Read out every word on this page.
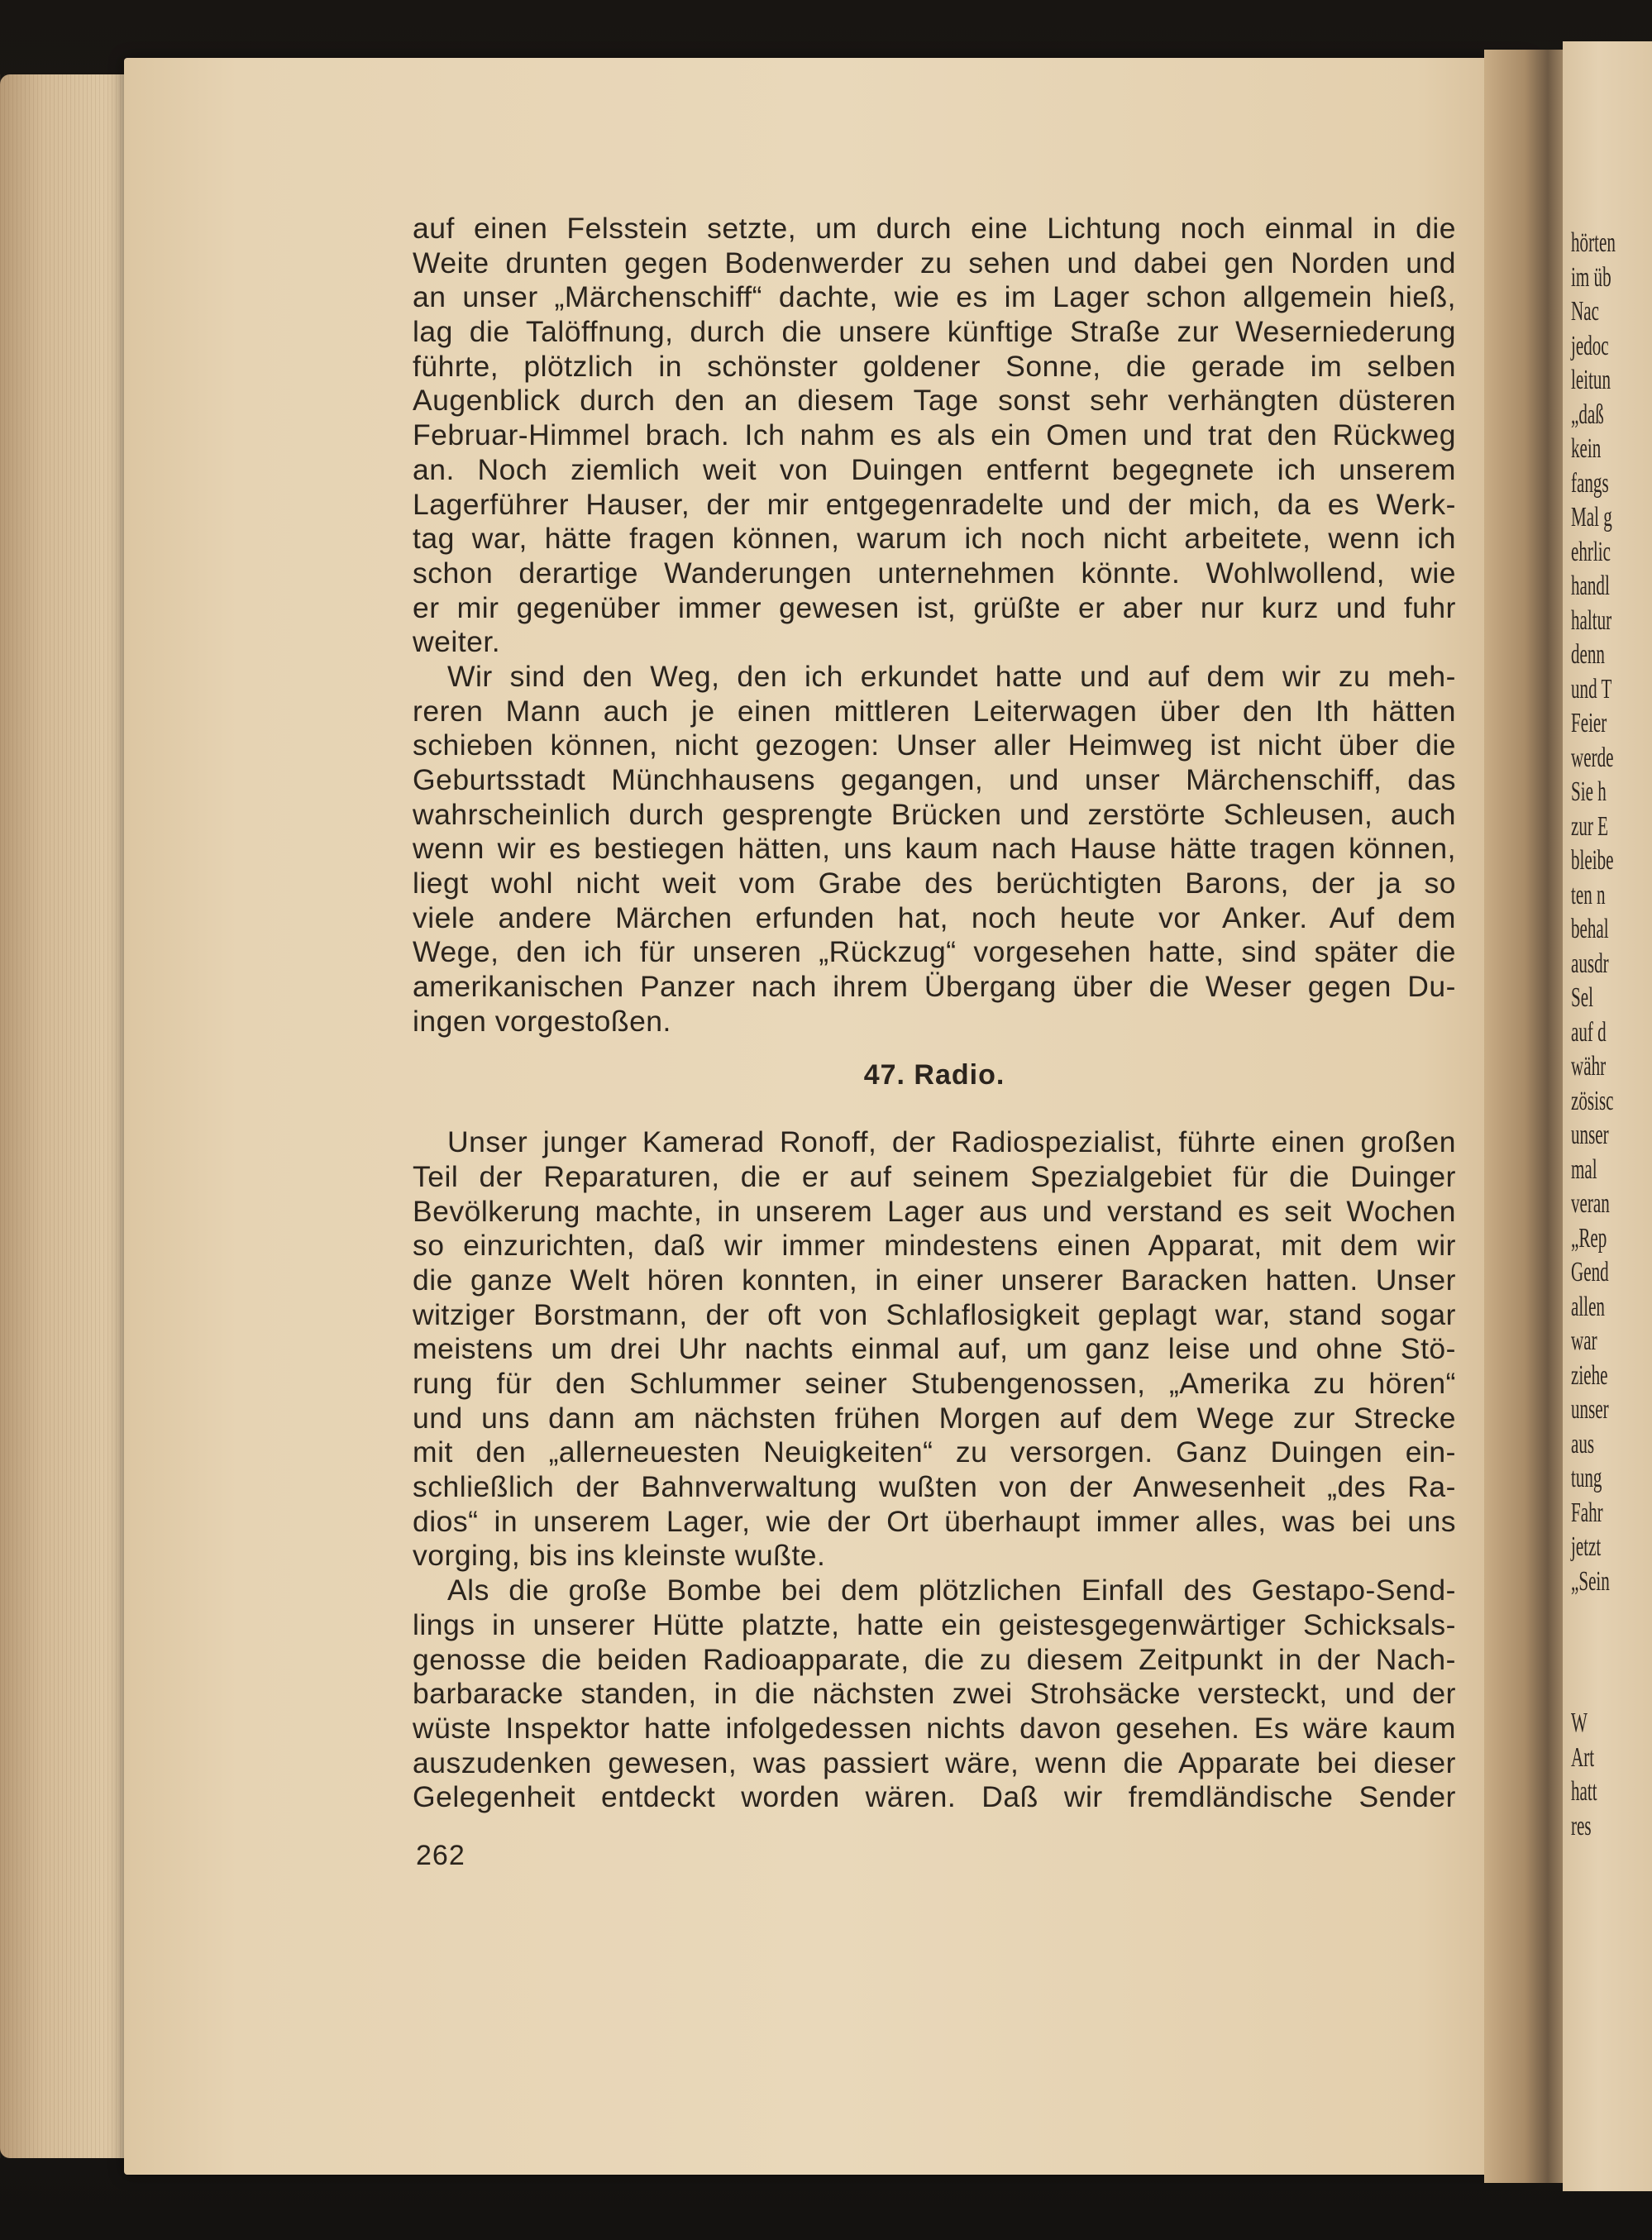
hörten
im üb
Nac
jedoc
leitun
„daß
kein
fangs
Mal g
ehrlic
handl
haltur
denn
und T
Feier
werde
Sie h
zur E
bleibe
ten n
behal
ausdr
Sel
auf d
währ
zösisc
unser
mal
veran
„Rep
Gend
allen
war
ziehe
unser
aus
tung
Fahr
jetzt
„Sein
W
Art
hatt
res
auf einen Felsstein setzte, um durch eine Lichtung noch einmal in die
Weite drunten gegen Bodenwerder zu sehen und dabei gen Norden und
an unser „Märchenschiff“ dachte, wie es im Lager schon allgemein hieß,
lag die Talöffnung, durch die unsere künftige Straße zur Weserniederung
führte, plötzlich in schönster goldener Sonne, die gerade im selben
Augenblick durch den an diesem Tage sonst sehr verhängten düsteren
Februar-Himmel brach. Ich nahm es als ein Omen und trat den Rückweg
an. Noch ziemlich weit von Duingen entfernt begegnete ich unserem
Lagerführer Hauser, der mir entgegenradelte und der mich, da es Werk-
tag war, hätte fragen können, warum ich noch nicht arbeitete, wenn ich
schon derartige Wanderungen unternehmen könnte. Wohlwollend, wie
er mir gegenüber immer gewesen ist, grüßte er aber nur kurz und fuhr
weiter.
Wir sind den Weg, den ich erkundet hatte und auf dem wir zu meh-
reren Mann auch je einen mittleren Leiterwagen über den Ith hätten
schieben können, nicht gezogen: Unser aller Heimweg ist nicht über die
Geburtsstadt Münchhausens gegangen, und unser Märchenschiff, das
wahrscheinlich durch gesprengte Brücken und zerstörte Schleusen, auch
wenn wir es bestiegen hätten, uns kaum nach Hause hätte tragen können,
liegt wohl nicht weit vom Grabe des berüchtigten Barons, der ja so
viele andere Märchen erfunden hat, noch heute vor Anker. Auf dem
Wege, den ich für unseren „Rückzug“ vorgesehen hatte, sind später die
amerikanischen Panzer nach ihrem Übergang über die Weser gegen Du-
ingen vorgestoßen.
47. Radio.
Unser junger Kamerad Ronoff, der Radiospezialist, führte einen großen
Teil der Reparaturen, die er auf seinem Spezialgebiet für die Duinger
Bevölkerung machte, in unserem Lager aus und verstand es seit Wochen
so einzurichten, daß wir immer mindestens einen Apparat, mit dem wir
die ganze Welt hören konnten, in einer unserer Baracken hatten. Unser
witziger Borstmann, der oft von Schlaflosigkeit geplagt war, stand sogar
meistens um drei Uhr nachts einmal auf, um ganz leise und ohne Stö-
rung für den Schlummer seiner Stubengenossen, „Amerika zu hören“
und uns dann am nächsten frühen Morgen auf dem Wege zur Strecke
mit den „allerneuesten Neuigkeiten“ zu versorgen. Ganz Duingen ein-
schließlich der Bahnverwaltung wußten von der Anwesenheit „des Ra-
dios“ in unserem Lager, wie der Ort überhaupt immer alles, was bei uns
vorging, bis ins kleinste wußte.
Als die große Bombe bei dem plötzlichen Einfall des Gestapo-Send-
lings in unserer Hütte platzte, hatte ein geistesgegenwärtiger Schicksals-
genosse die beiden Radioapparate, die zu diesem Zeitpunkt in der Nach-
barbaracke standen, in die nächsten zwei Strohsäcke versteckt, und der
wüste Inspektor hatte infolgedessen nichts davon gesehen. Es wäre kaum
auszudenken gewesen, was passiert wäre, wenn die Apparate bei dieser
Gelegenheit entdeckt worden wären. Daß wir fremdländische Sender
262
